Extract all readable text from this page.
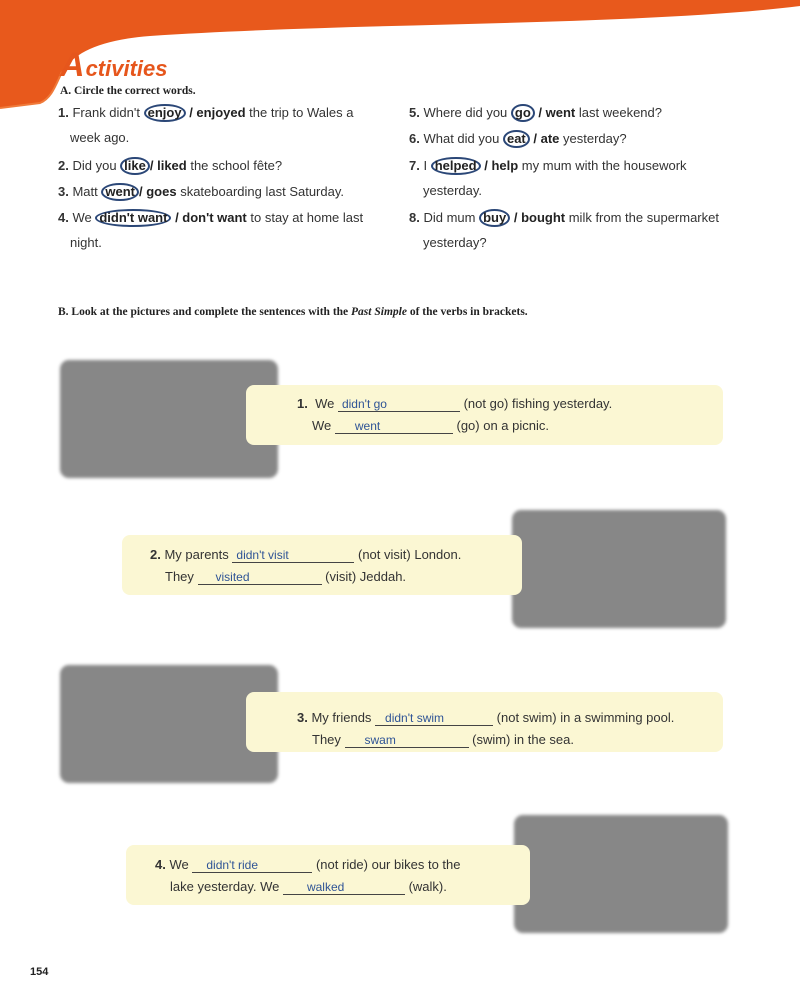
Activities
A. Circle the correct words.
1. Frank didn't enjoy / enjoyed the trip to Wales a
week ago.
2. Did you like / liked the school fête?
3. Matt went / goes skateboarding last Saturday.
4. We didn't want / don't want to stay at home last
night.
5. Where did you go / went last weekend?
6. What did you eat / ate yesterday?
7. I helped / help my mum with the housework
yesterday.
8. Did mum buy / bought milk from the supermarket
yesterday?
B. Look at the pictures and complete the sentences with the Past Simple of the verbs in brackets.
1. We didn't go	(not go) fishing yesterday.
We went	(go) on a picnic.
2. My parents didn't visit	(not visit) London.
They visited	(visit) Jeddah.
3. My friends didn't swim	(not swim) in a swimming pool.
They swam	(swim) in the sea.
4. We didn't ride	(not ride) our bikes to the
lake yesterday. We walked	(walk).
154
